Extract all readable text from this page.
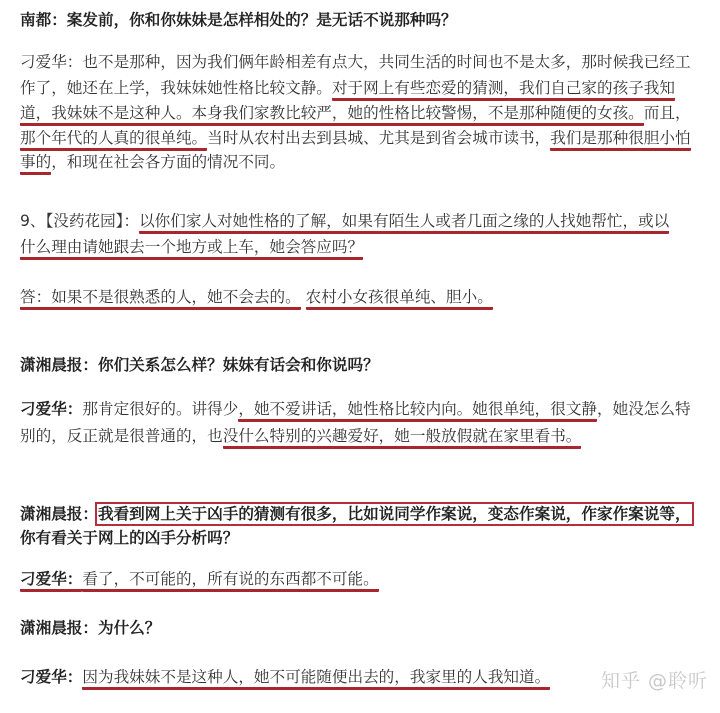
南都：案发前，你和你妹妹是怎样相处的？是无话不说那种吗？
刁爱华：也不是那种，因为我们俩年龄相差有点大，共同生活的时间也不是太多，那时候我已经工
作了，她还在上学，我妹妹她性格比较文静。对于网上有些恋爱的猜测，我们自己家的孩子我知
道，我妹妹不是这种人。本身我们家教比较严，她的性格比较警惕，不是那种随便的女孩。而且，
那个年代的人真的很单纯。当时从农村出去到县城、尤其是到省会城市读书，我们是那种很胆小怕
事的，和现在社会各方面的情况不同。
9、【没药花园】：以你们家人对她性格的了解，如果有陌生人或者几面之缘的人找她帮忙，或以
什么理由请她跟去一个地方或上车，她会答应吗？
答：如果不是很熟悉的人，她不会去的。 农村小女孩很单纯、胆小。
潇湘晨报：你们关系怎么样？妹妹有话会和你说吗？
刁爱华：那肯定很好的。讲得少，她不爱讲话，她性格比较内向。她很单纯，很文静，她没怎么特
别的，反正就是很普通的，也没什么特别的兴趣爱好，她一般放假就在家里看书。
潇湘晨报：我看到网上关于凶手的猜测有很多，比如说同学作案说，变态作案说，作家作案说等，
你有看关于网上的凶手分析吗？
刁爱华：看了，不可能的，所有说的东西都不可能。
潇湘晨报：为什么？
刁爱华：因为我妹妹不是这种人，她不可能随便出去的，我家里的人我知道。	知乎 @聆听
